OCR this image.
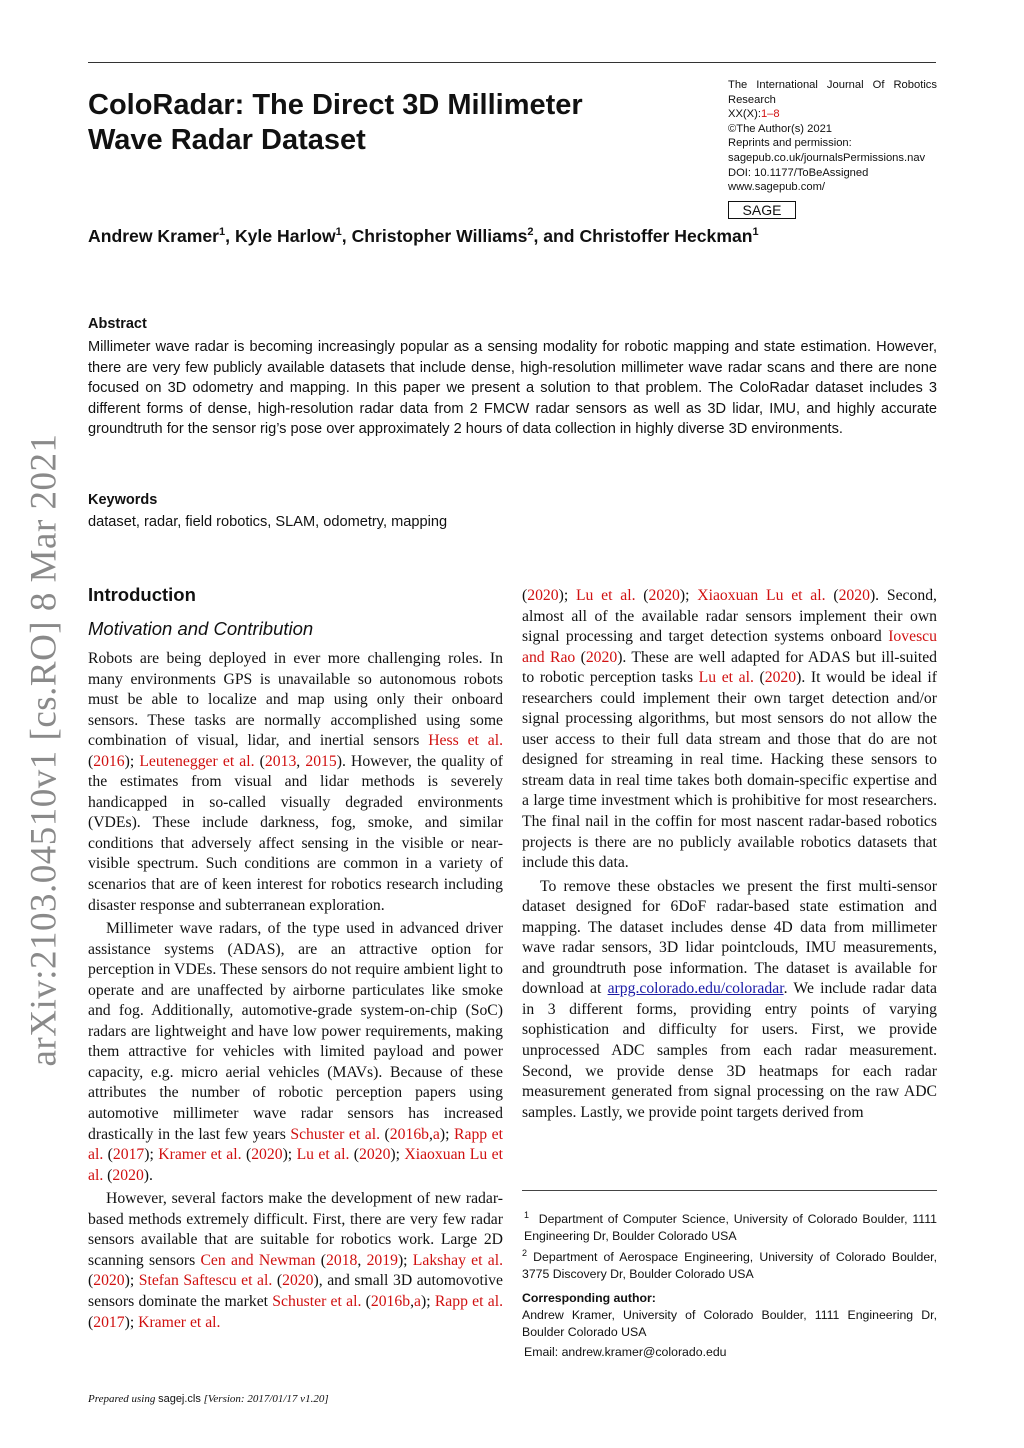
arXiv:2103.04510v1 [cs.RO] 8 Mar 2021
ColoRadar: The Direct 3D Millimeter Wave Radar Dataset
The International Journal Of Robotics
Research
XX(X):1–8
©The Author(s) 2021
Reprints and permission:
sagepub.co.uk/journalsPermissions.nav
DOI: 10.1177/ToBeAssigned
www.sagepub.com/
SAGE
Andrew Kramer$^1$, Kyle Harlow$^1$, Christopher Williams$^2$, and Christoffer Heckman$^1$
Abstract
Millimeter wave radar is becoming increasingly popular as a sensing modality for robotic mapping and state estimation. However, there are very few publicly available datasets that include dense, high-resolution millimeter wave radar scans and there are none focused on 3D odometry and mapping. In this paper we present a solution to that problem. The ColoRadar dataset includes 3 different forms of dense, high-resolution radar data from 2 FMCW radar sensors as well as 3D lidar, IMU, and highly accurate groundtruth for the sensor rig’s pose over approximately 2 hours of data collection in highly diverse 3D environments.
Keywords
dataset, radar, field robotics, SLAM, odometry, mapping
Introduction
Motivation and Contribution

Robots are being deployed in ever more challenging roles. In many environments GPS is unavailable so autonomous robots must be able to localize and map using only their onboard sensors. These tasks are normally accomplished using some combination of visual, lidar, and inertial sensors Hess et al. (2016); Leutenegger et al. (2013, 2015). However, the quality of the estimates from visual and lidar methods is severely handicapped in so-called visually degraded environments (VDEs). These include darkness, fog, smoke, and similar conditions that adversely affect sensing in the visible or near-visible spectrum. Such conditions are common in a variety of scenarios that are of keen interest for robotics research including disaster response and subterranean exploration.

Millimeter wave radars, of the type used in advanced driver assistance systems (ADAS), are an attractive option for perception in VDEs. These sensors do not require ambient light to operate and are unaffected by airborne particulates like smoke and fog. Additionally, automotive-grade system-on-chip (SoC) radars are lightweight and have low power requirements, making them attractive for vehicles with limited payload and power capacity, e.g. micro aerial vehicles (MAVs). Because of these attributes the number of robotic perception papers using automotive millimeter wave radar sensors has increased drastically in the last few years Schuster et al. (2016b,a); Rapp et al. (2017); Kramer et al. (2020); Lu et al. (2020); Xiaoxuan Lu et al. (2020).

However, several factors make the development of new radar-based methods extremely difficult. First, there are very few radar sensors available that are suitable for robotics work. Large 2D scanning sensors Cen and Newman (2018, 2019); Lakshay et al. (2020); Stefan Saftescu et al. (2020), and small 3D automovotive sensors dominate the market Schuster et al. (2016b,a); Rapp et al. (2017); Kramer et al.

(2020); Lu et al. (2020); Xiaoxuan Lu et al. (2020). Second, almost all of the available radar sensors implement their own signal processing and target detection systems onboard Iovescu and Rao (2020). These are well adapted for ADAS but ill-suited to robotic perception tasks Lu et al. (2020). It would be ideal if researchers could implement their own target detection and/or signal processing algorithms, but most sensors do not allow the user access to their full data stream and those that do are not designed for streaming in real time. Hacking these sensors to stream data in real time takes both domain-specific expertise and a large time investment which is prohibitive for most researchers. The final nail in the coffin for most nascent radar-based robotics projects is there are no publicly available robotics datasets that include this data.

To remove these obstacles we present the first multi-sensor dataset designed for 6DoF radar-based state estimation and mapping. The dataset includes dense 4D data from millimeter wave radar sensors, 3D lidar pointclouds, IMU measurements, and groundtruth pose information. The dataset is available for download at arpg.colorado.edu/coloradar. We include radar data in 3 different forms, providing entry points of varying sophistication and difficulty for users. First, we provide unprocessed ADC samples from each radar measurement. Second, we provide dense 3D heatmaps for each radar measurement generated from signal processing on the raw ADC samples. Lastly, we provide point targets derived from

$^1$ Department of Computer Science, University of Colorado Boulder, 1111 Engineering Dr, Boulder Colorado USA
$^2$ Department of Aerospace Engineering, University of Colorado Boulder, 3775 Discovery Dr, Boulder Colorado USA
Corresponding author:
Andrew Kramer, University of Colorado Boulder, 1111 Engineering Dr, Boulder Colorado USA
Email: andrew.kramer@colorado.edu
Prepared using sagej.cls [Version: 2017/01/17 v1.20]
